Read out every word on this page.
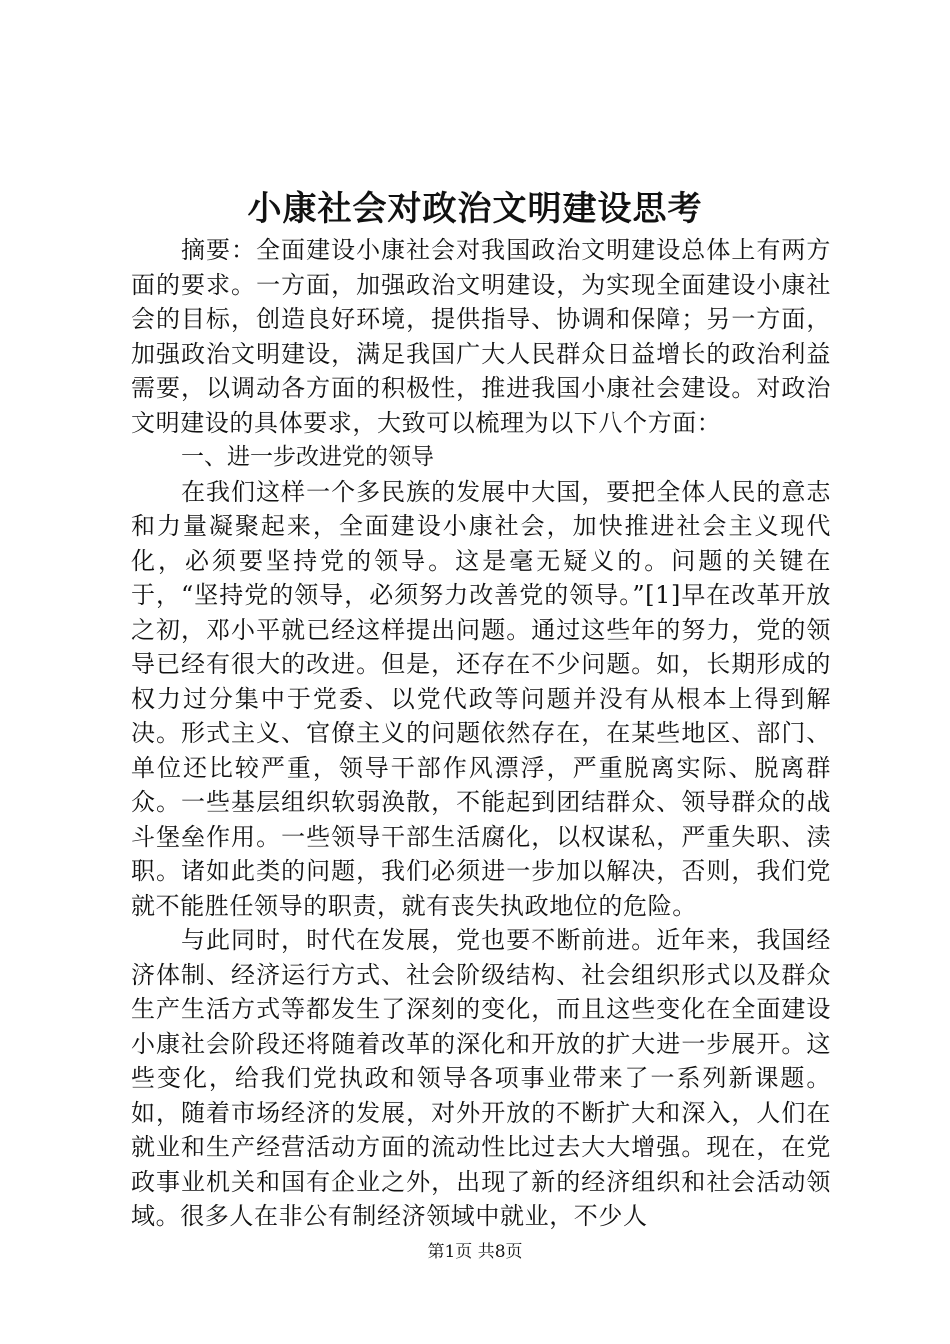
小康社会对政治文明建设思考

摘要：全面建设小康社会对我国政治文明建设总体上有两方面的要求。一方面，加强政治文明建设，为实现全面建设小康社会的目标，创造良好环境，提供指导、协调和保障；另一方面，加强政治文明建设，满足我国广大人民群众日益增长的政治利益需要，以调动各方面的积极性，推进我国小康社会建设。对政治文明建设的具体要求，大致可以梳理为以下八个方面：

一、进一步改进党的领导

在我们这样一个多民族的发展中大国，要把全体人民的意志和力量凝聚起来，全面建设小康社会，加快推进社会主义现代化，必须要坚持党的领导。这是毫无疑义的。问题的关键在于，“坚持党的领导，必须努力改善党的领导。”[1]早在改革开放之初，邓小平就已经这样提出问题。通过这些年的努力，党的领导已经有很大的改进。但是，还存在不少问题。如，长期形成的权力过分集中于党委、以党代政等问题并没有从根本上得到解决。形式主义、官僚主义的问题依然存在，在某些地区、部门、单位还比较严重，领导干部作风漂浮，严重脱离实际、脱离群众。一些基层组织软弱涣散，不能起到团结群众、领导群众的战斗堡垒作用。一些领导干部生活腐化，以权谋私，严重失职、渎职。诸如此类的问题，我们必须进一步加以解决，否则，我们党就不能胜任领导的职责，就有丧失执政地位的危险。

与此同时，时代在发展，党也要不断前进。近年来，我国经济体制、经济运行方式、社会阶级结构、社会组织形式以及群众生产生活方式等都发生了深刻的变化，而且这些变化在全面建设小康社会阶段还将随着改革的深化和开放的扩大进一步展开。这些变化，给我们党执政和领导各项事业带来了一系列新课题。如，随着市场经济的发展，对外开放的不断扩大和深入，人们在就业和生产经营活动方面的流动性比过去大大增强。现在，在党政事业机关和国有企业之外，出现了新的经济组织和社会活动领域。很多人在非公有制经济领域中就业，不少人

第1页 共8页
